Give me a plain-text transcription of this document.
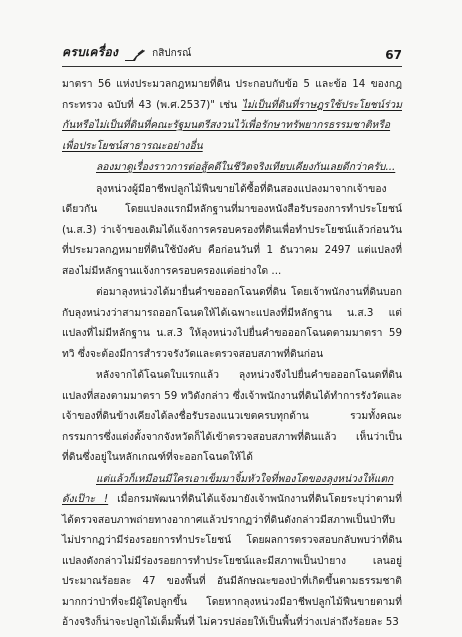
ครบเครื่อง	กสิปกรณ์	67

มาตรา 56 แห่งประมวลกฎหมายที่ดิน ประกอบกับข้อ 5 และข้อ 14 ของกฎกระทรวง ฉบับที่ 43 (พ.ศ.2537)" เช่น ไม่เป็นที่ดินที่ราษฎรใช้ประโยชน์ร่วมกันหรือไม่เป็นที่ดินที่คณะรัฐมนตรีสงวนไว้เพื่อรักษาทรัพยากรธรรมชาติหรือเพื่อประโยชน์สาธารณะอย่างอื่น

ลองมาดูเรื่องราวการต่อสู้คดีในชีวิตจริงเทียบเคียงกันเลยดีกว่าครับ...

ลุงหน่วงผู้มีอาชีพปลูกไม้ฟืนขายได้ซื้อที่ดินสองแปลงมาจากเจ้าของเดียวกัน โดยแปลงแรกมีหลักฐานที่มาของหนังสือรับรองการทำประโยชน์ (น.ส.3) ว่าเจ้าของเดิมได้แจ้งการครอบครองที่ดินเพื่อทำประโยชน์แล้วก่อนวันที่ประมวลกฎหมายที่ดินใช้บังคับ คือก่อนวันที่ 1 ธันวาคม 2497 แต่แปลงที่สองไม่มีหลักฐานแจ้งการครอบครองแต่อย่างใด ...

ต่อมาลุงหน่วงได้มายื่นคำขอออกโฉนดที่ดิน โดยเจ้าพนักงานที่ดินบอกกับลุงหน่วงว่าสามารถออกโฉนดให้ได้เฉพาะแปลงที่มีหลักฐาน น.ส.3 แต่แปลงที่ไม่มีหลักฐาน น.ส.3 ให้ลุงหน่วงไปยื่นคำขอออกโฉนดตามมาตรา 59 ทวิ ซึ่งจะต้องมีการสำรวจรังวัดและตรวจสอบสภาพที่ดินก่อน

หลังจากได้โฉนดใบแรกแล้ว ลุงหน่วงจึงไปยื่นคำขอออกโฉนดที่ดินแปลงที่สองตามมาตรา 59 ทวิดังกล่าว ซึ่งเจ้าพนักงานที่ดินได้ทำการรังวัดและเจ้าของที่ดินข้างเคียงได้ลงชื่อรับรองแนวเขตครบทุกด้าน รวมทั้งคณะกรรมการซึ่งแต่งตั้งจากจังหวัดก็ได้เข้าตรวจสอบสภาพที่ดินแล้ว เห็นว่าเป็นที่ดินซึ่งอยู่ในหลักเกณฑ์ที่จะออกโฉนดให้ได้

แต่แล้วก็เหมือนมีใครเอาเข็มมาจิ้มหัวใจที่พองโตของลุงหน่วงให้แตกดังเป๊าะ ! เมื่อกรมพัฒนาที่ดินได้แจ้งมายังเจ้าพนักงานที่ดินโดยระบุว่าตามที่ได้ตรวจสอบภาพถ่ายทางอากาศแล้วปรากฏว่าที่ดินดังกล่าวมีสภาพเป็นป่าทึบไม่ปรากฏว่ามีร่องรอยการทำประโยชน์ โดยผลการตรวจสอบกลับพบว่าที่ดินแปลงดังกล่าวไม่มีร่องรอยการทำประโยชน์และมีสภาพเป็นป่ายาง เลนอยู่ประมาณร้อยละ 47 ของพื้นที่ อันมีลักษณะของป่าที่เกิดขึ้นตามธรรมชาติมากกว่าป่าที่จะมีผู้ใดปลูกขึ้น โดยหากลุงหน่วงมีอาชีพปลูกไม้ฟืนขายตามที่อ้างจริงก็น่าจะปลูกไม้เต็มพื้นที่ ไม่ควรปล่อยให้เป็นพื้นที่ว่างเปล่าถึงร้อยละ 53
